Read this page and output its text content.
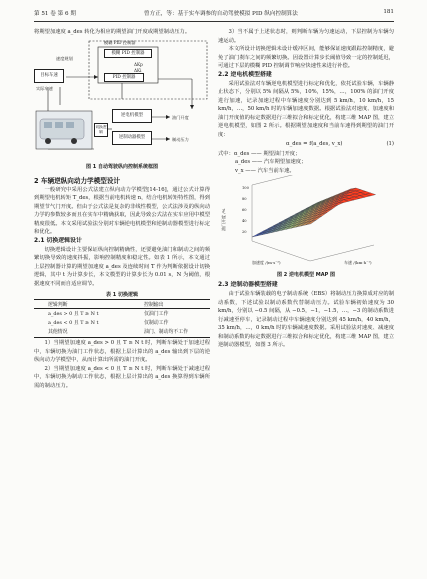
第 51 卷 第 6 期	曾方正，等：基于实车调参的自动驾驶模拟 PID 纵向控制算法	181

将期望加速度 a_des 转化为相应的期望油门开度或期望制动压力。

模糊 PID 控制器
速度规划
目标车速
实际车速
模糊 PID 控制器
ΔKp
ΔKi
PID 控制器
逆电机模型
逆制动器模型
切换逻辑
油门开度
制动压力
图 1 自动驾驶纵向控制系统框图

2 车辆逆纵向动力学模型设计

一般研究中采用公式法建立纵向动力学模型[14-16]，通过公式计算得到期望电机转矩 T_des，根据当前电机转速 n，结合电机转矩特性图，得到期望节气门开度。但由于公式法是复杂的非线性模型，公式法涉及的纵向动力学的参数较多而且在实车中精确获取，因此导致公式法在实车应用中模型精度很低。本文采用试验法分别对车辆逆电机模型和逆制动器模型进行标定和优化。

2.1 切换逻辑设计

切换逻辑设计主要保证纵向控制精确性，还要避免油门和制动之间的频繁切换导致的速度抖振，影响控制精度和稳定性。如表 1 所示，本文通过上层控制器计算的期望加速度 a_des 及连续时间 T 作为判断依据设计切换逻辑，其中 t 为计算步长，本文模型的计算步长为 0.01 s，N 为阈值，根据速度不同而自适应调节。

表 1 切换逻辑

逻辑判断	控制输出
a_des > 0 且 T ≥ N t	仅油门工作
a_des < 0 且 T ≥ N t	仅制动工作
其他情况	油门、制动均不工作

1）当期望加速度 a_des > 0 且 T ≥ N t 时，判断车辆处于加速过程中，车辆切换为油门工作状态，根据上层计算出的 a_des 输出到下层的逆纵向动力学模型中，从而计算出所需的油门开度。

2）当期望加速度 a_des < 0 且 T ≥ N t 时，判断车辆处于减速过程中，车辆切换为制动工作状态，根据上层计算出的 a_des 换算得到车辆所需的制动压力。

3）当不属于上述状态时，则判断车辆为匀速运动，下层控制为车辆匀速运动。

本文所设计切换逻辑未设计缓冲区间，能够保证速度跟踪控制精度，避免了油门刹车之间的频繁切换。因设置计算步长阈值导致一定的控制延迟，可通过下层的模糊 PID 控制调节响应快速性来进行补偿。

2.2 逆电机模型搭建

采用试验法对车辆逆电机模型进行标定和优化，依托试验车辆，车辆静止状态下，分别以 5% 间隔从 5%，10%，15%，…，100% 的油门开度进行加速，记录加速过程中车辆速度分别达到 5 km/h，10 km/h，15 km/h，…，50 km/h 时的车辆加速度数据。根据试验法对速度、加速度和油门开度值的标定数据进行三维拟合和标定优化，构建三维 MAP 图，建立逆电机模型，如图 2 所示。根据期望加速度和当前车速得到期望的油门开度：

α_des = f(a_des, v_x)	(1)

式中：α_des —— 期望油门开度；

a_des —— 汽车期望加速度；

v_x —— 汽车当前车速。

油门开度 /%
加速度 /(m·s⁻²)	车速 /(km·h⁻¹)
100
80
60
40
20
图 2 逆电机模型 MAP 图

2.3 逆制动器模型搭建

由于试验车辆装载的电子制动系统（EBS）将制动压力换算成对应的制动系数，下述试验以制动系数代替制动压力。试验车辆初始速度为 30 km/h，分别以 −0.5 间隔，从 −0.5，−1，−1.5，…，−3 的制动系数进行减速至停车，记录制动过程中车辆速度分别达到 45 km/h，40 km/h，35 km/h，…，0 km/h 时的车辆减速度数据。采用试验法对速度、减速度和制动系数的标定数据进行三维拟合和标定优化，构建三维 MAP 图，建立逆制动器模型，如图 3 所示。
